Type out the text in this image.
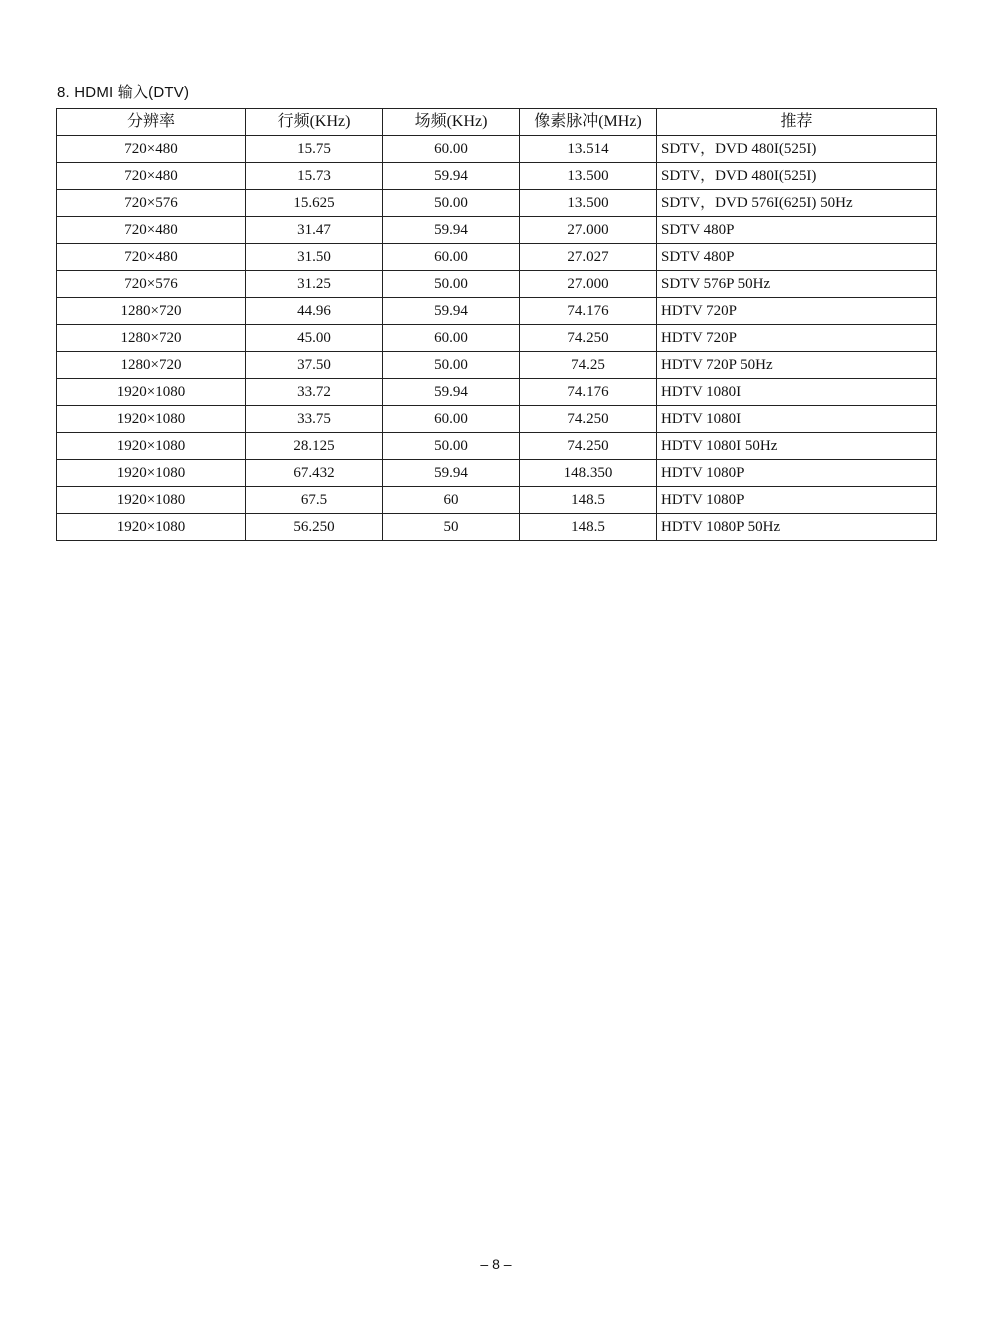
8. HDMI 输入(DTV)
分辨率	行频(KHz)	场频(KHz)	像素脉冲(MHz)	推荐
720×480	15.75	60.00	13.514	SDTV，DVD 480I(525I)
720×480	15.73	59.94	13.500	SDTV，DVD 480I(525I)
720×576	15.625	50.00	13.500	SDTV，DVD 576I(625I) 50Hz
720×480	31.47	59.94	27.000	SDTV 480P
720×480	31.50	60.00	27.027	SDTV 480P
720×576	31.25	50.00	27.000	SDTV 576P 50Hz
1280×720	44.96	59.94	74.176	HDTV 720P
1280×720	45.00	60.00	74.250	HDTV 720P
1280×720	37.50	50.00	74.25	HDTV 720P 50Hz
1920×1080	33.72	59.94	74.176	HDTV 1080I
1920×1080	33.75	60.00	74.250	HDTV 1080I
1920×1080	28.125	50.00	74.250	HDTV 1080I 50Hz
1920×1080	67.432	59.94	148.350	HDTV 1080P
1920×1080	67.5	60	148.5	HDTV 1080P
1920×1080	56.250	50	148.5	HDTV 1080P 50Hz
– 8 –
